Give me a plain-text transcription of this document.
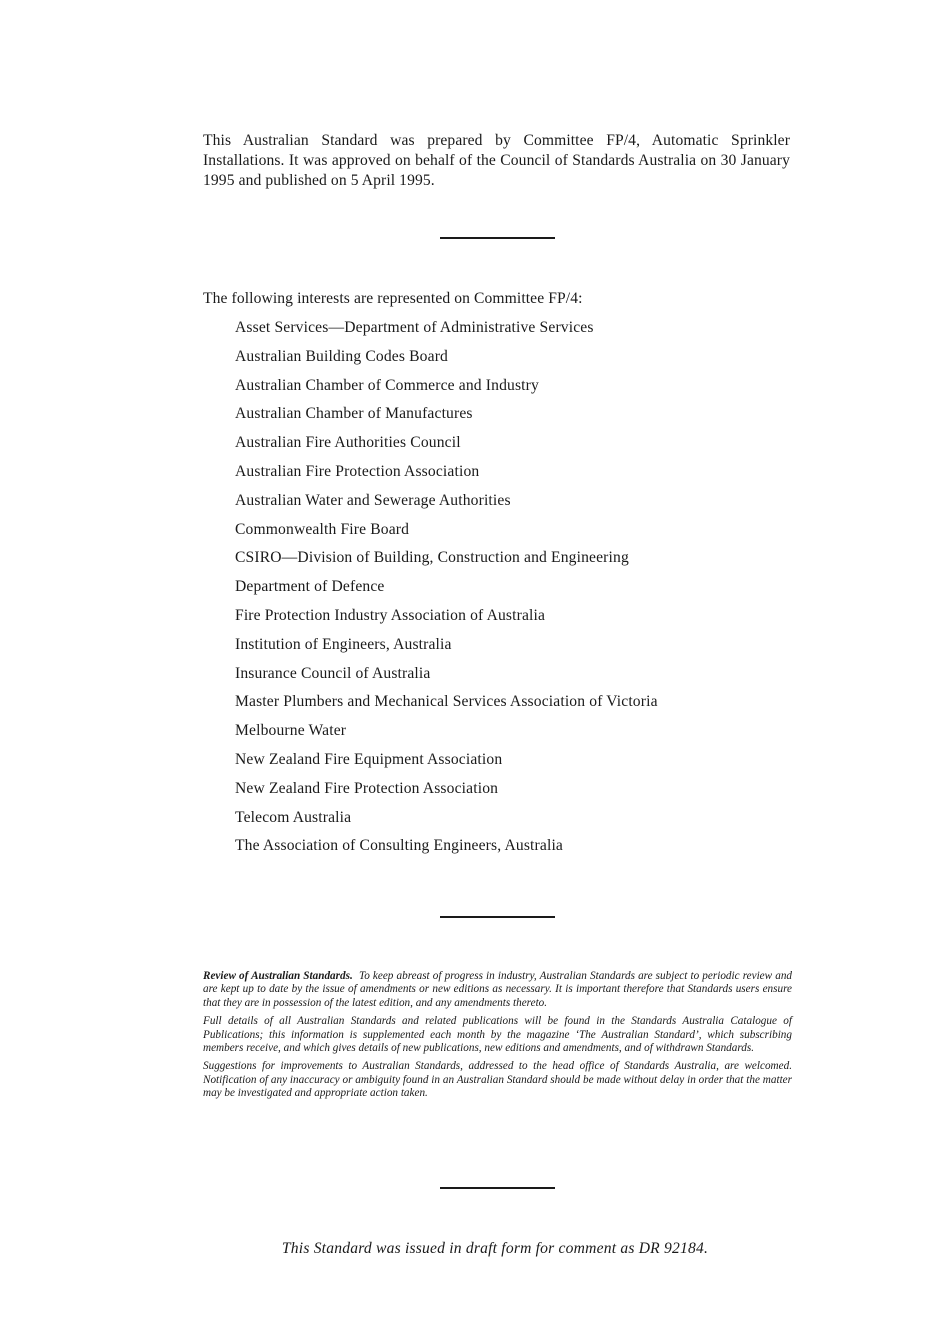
This Australian Standard was prepared by Committee FP/4, Automatic Sprinkler Installations. It was approved on behalf of the Council of Standards Australia on 30 January 1995 and published on 5 April 1995.

The following interests are represented on Committee FP/4:
Asset Services—Department of Administrative Services
Australian Building Codes Board
Australian Chamber of Commerce and Industry
Australian Chamber of Manufactures
Australian Fire Authorities Council
Australian Fire Protection Association
Australian Water and Sewerage Authorities
Commonwealth Fire Board
CSIRO—Division of Building, Construction and Engineering
Department of Defence
Fire Protection Industry Association of Australia
Institution of Engineers, Australia
Insurance Council of Australia
Master Plumbers and Mechanical Services Association of Victoria
Melbourne Water
New Zealand Fire Equipment Association
New Zealand Fire Protection Association
Telecom Australia
The Association of Consulting Engineers, Australia

Review of Australian Standards. To keep abreast of progress in industry, Australian Standards are subject to periodic review and are kept up to date by the issue of amendments or new editions as necessary. It is important therefore that Standards users ensure that they are in possession of the latest edition, and any amendments thereto.

Full details of all Australian Standards and related publications will be found in the Standards Australia Catalogue of Publications; this information is supplemented each month by the magazine ‘The Australian Standard’, which subscribing members receive, and which gives details of new publications, new editions and amendments, and of withdrawn Standards.

Suggestions for improvements to Australian Standards, addressed to the head office of Standards Australia, are welcomed. Notification of any inaccuracy or ambiguity found in an Australian Standard should be made without delay in order that the matter may be investigated and appropriate action taken.

This Standard was issued in draft form for comment as DR 92184.
